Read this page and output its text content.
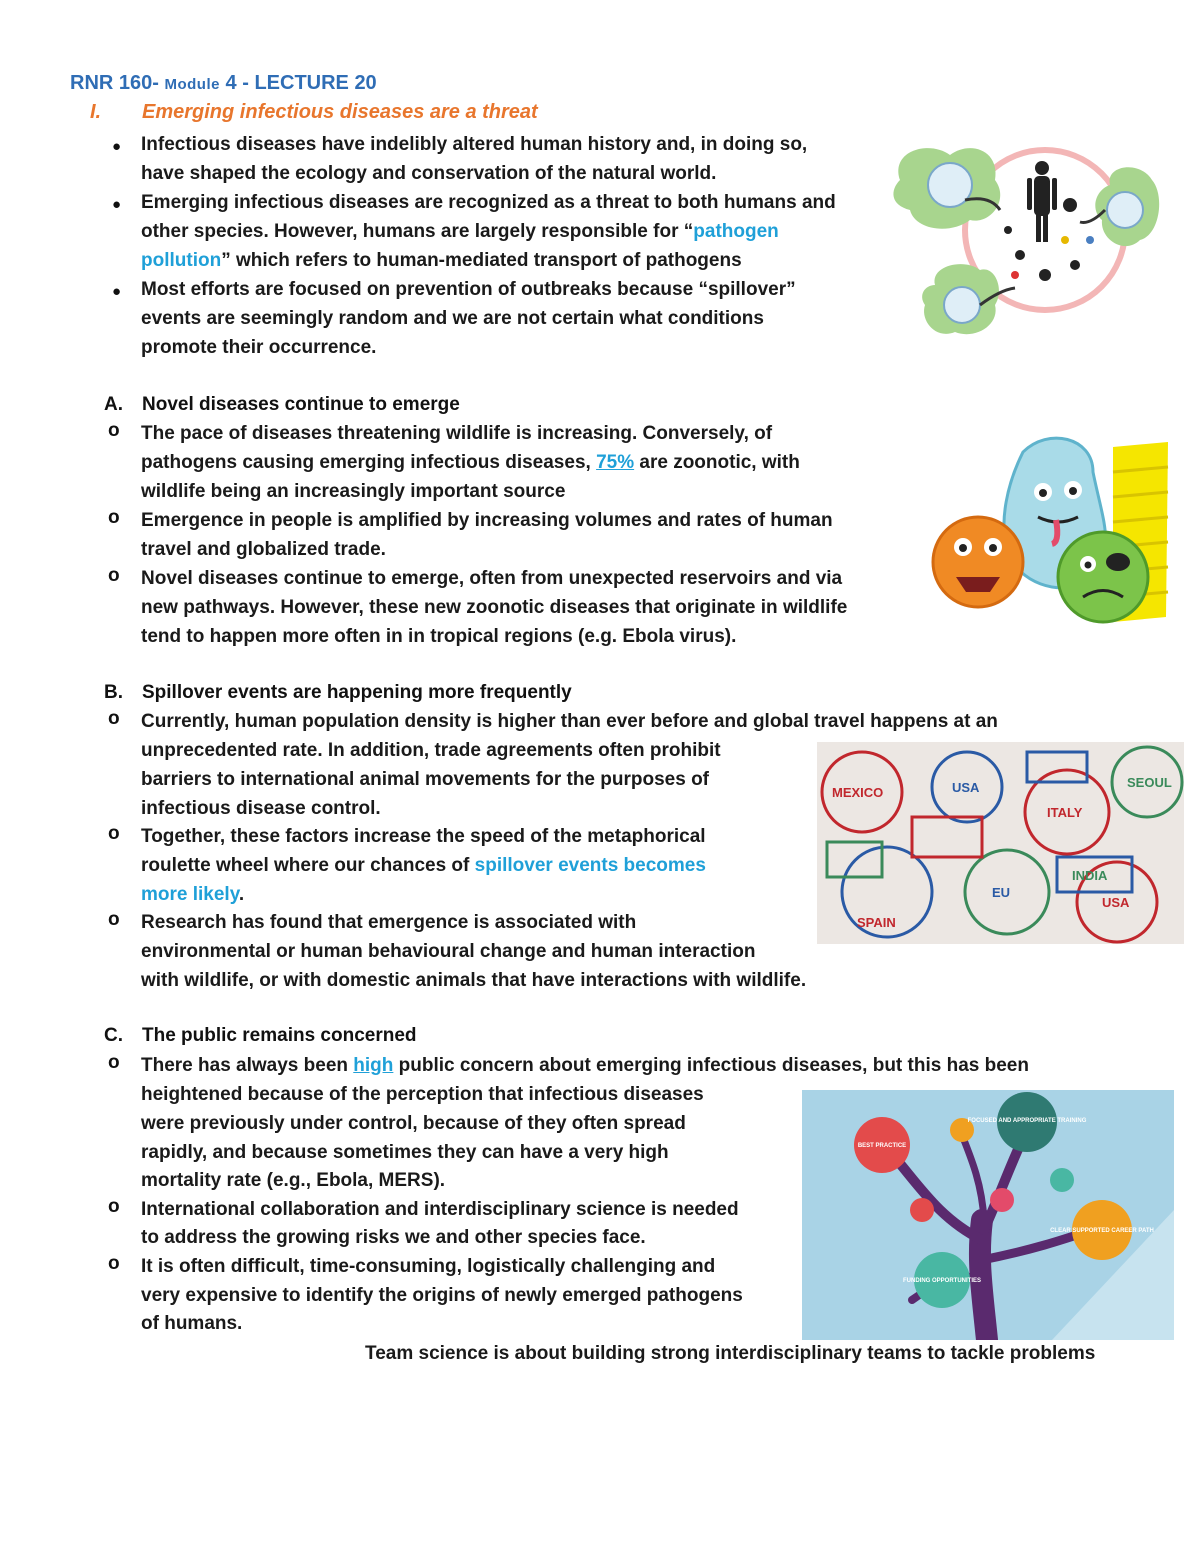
RNR 160- Module 4 - LECTURE 20
I. Emerging infectious diseases are a threat
● Infectious diseases have indelibly altered human history and, in doing so,
have shaped the ecology and conservation of the natural world.
● Emerging infectious diseases are recognized as a threat to both humans and
other species. However, humans are largely responsible for “pathogen
pollution” which refers to human-mediated transport of pathogens
● Most efforts are focused on prevention of outbreaks because “spillover”
events are seemingly random and we are not certain what conditions
promote their occurrence.
A. Novel diseases continue to emerge
o The pace of diseases threatening wildlife is increasing. Conversely, of
pathogens causing emerging infectious diseases, 75% are zoonotic, with
wildlife being an increasingly important source
o Emergence in people is amplified by increasing volumes and rates of human
travel and globalized trade.
o Novel diseases continue to emerge, often from unexpected reservoirs and via
new pathways. However, these new zoonotic diseases that originate in wildlife
tend to happen more often in in tropical regions (e.g. Ebola virus).
B. Spillover events are happening more frequently
o Currently, human population density is higher than ever before and global travel happens at an
unprecedented rate. In addition, trade agreements often prohibit
barriers to international animal movements for the purposes of
infectious disease control.
o Together, these factors increase the speed of the metaphorical
roulette wheel where our chances of spillover events becomes
more likely.
o Research has found that emergence is associated with
environmental or human behavioural change and human interaction
with wildlife, or with domestic animals that have interactions with wildlife.
C. The public remains concerned
o There has always been high public concern about emerging infectious diseases, but this has been
heightened because of the perception that infectious diseases
were previously under control, because of they often spread
rapidly, and because sometimes they can have a very high
mortality rate (e.g., Ebola, MERS).
o International collaboration and interdisciplinary science is needed
to address the growing risks we and other species face.
o It is often difficult, time-consuming, logistically challenging and
very expensive to identify the origins of newly emerged pathogens
of humans.
Team science is about building strong interdisciplinary teams to tackle problems
MEXICO	USA
ITALY
EU
INDIA
SPAIN
SEOUL
USA
BEST PRACTICE
FOCUSED AND APPROPRIATE TRAINING
FUNDING OPPORTUNITIES
CLEAR SUPPORTED CAREER PATH
